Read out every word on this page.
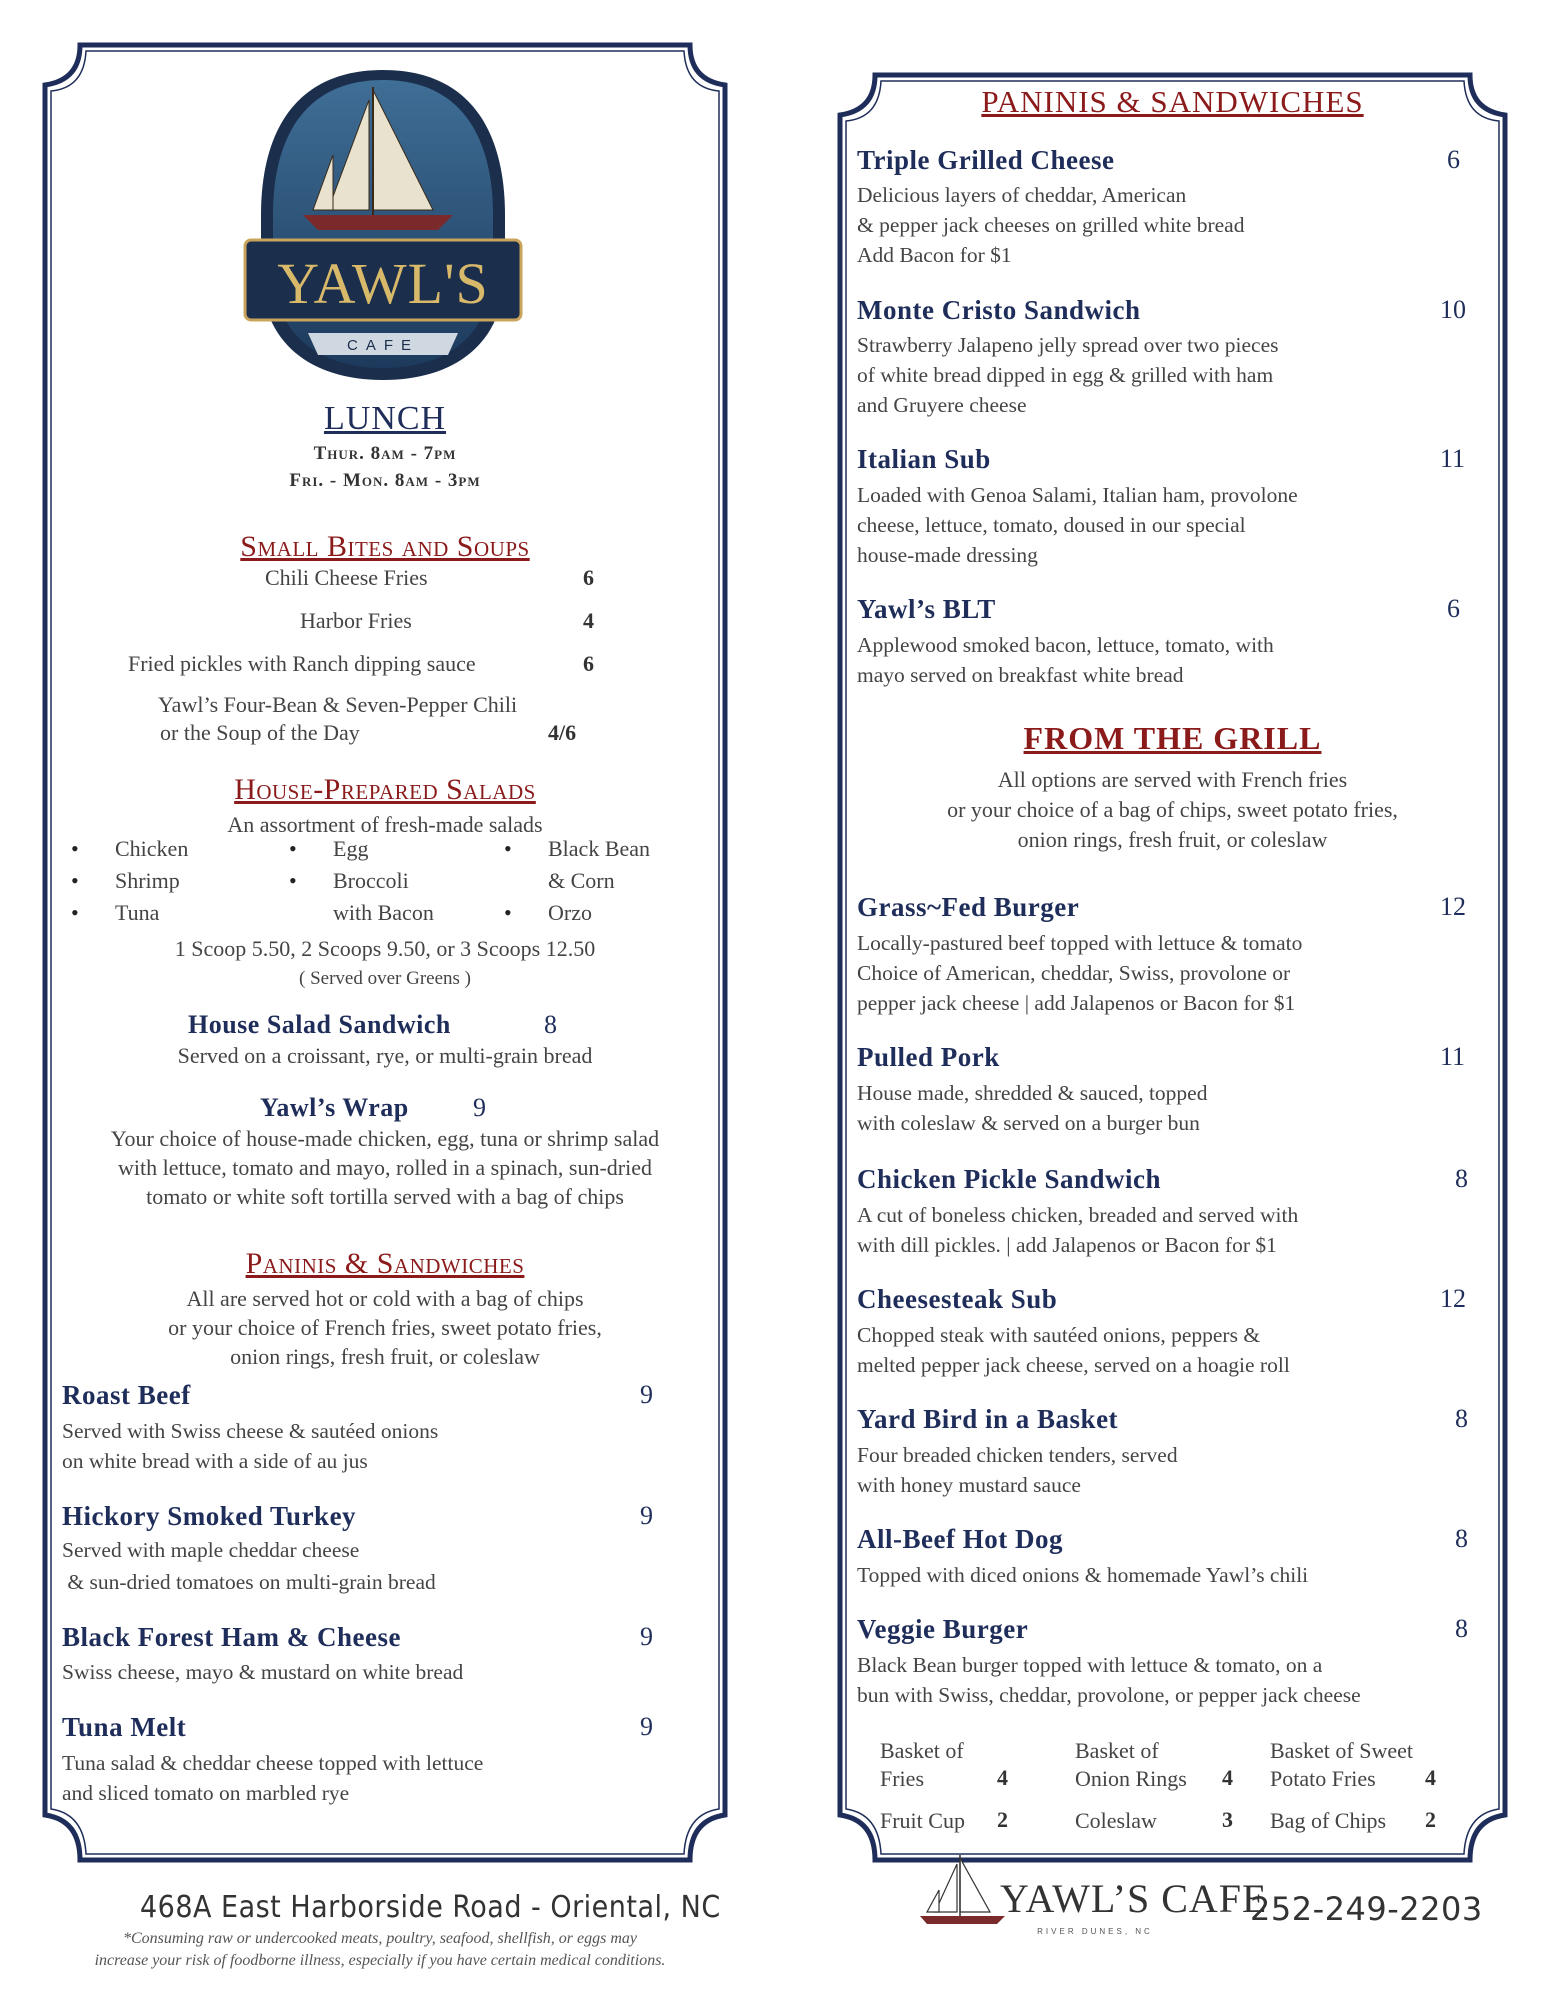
YAWL'S
CAFE
LUNCH
Thur. 8am - 7pm
Fri. - Mon. 8am - 3pm
Small Bites and Soups
Chili Cheese Fries	6
Harbor Fries	4
Fried pickles with Ranch dipping sauce	6
Yawl’s Four-Bean & Seven-Pepper Chili
or the Soup of the Day	4/6
House-Prepared Salads
An assortment of fresh-made salads
• Chicken
• Shrimp
• Tuna
• Egg
• Broccoli
with Bacon
• Black Bean
& Corn
• Orzo
1 Scoop 5.50, 2 Scoops 9.50, or 3 Scoops 12.50
( Served over Greens )
House Salad Sandwich	8
Served on a croissant, rye, or multi-grain bread
Yawl’s Wrap 9
Your choice of house-made chicken, egg, tuna or shrimp salad
with lettuce, tomato and mayo, rolled in a spinach, sun-dried
tomato or white soft tortilla served with a bag of chips
Paninis & Sandwiches
All are served hot or cold with a bag of chips
or your choice of French fries, sweet potato fries,
onion rings, fresh fruit, or coleslaw
Roast Beef	9
Served with Swiss cheese & sautéed onions
on white bread with a side of au jus
Hickory Smoked Turkey	9
Served with maple cheddar cheese
& sun-dried tomatoes on multi-grain bread
Black Forest Ham & Cheese	9
Swiss cheese, mayo & mustard on white bread
Tuna Melt	9
Tuna salad & cheddar cheese topped with lettuce
and sliced tomato on marbled rye
PANINIS & SANDWICHES
Triple Grilled Cheese	6
Delicious layers of cheddar, American
& pepper jack cheeses on grilled white bread
Add Bacon for $1
Monte Cristo Sandwich	10
Strawberry Jalapeno jelly spread over two pieces
of white bread dipped in egg & grilled with ham
and Gruyere cheese
Italian Sub	11
Loaded with Genoa Salami, Italian ham, provolone
cheese, lettuce, tomato, doused in our special
house-made dressing
Yawl’s BLT	6
Applewood smoked bacon, lettuce, tomato, with
mayo served on breakfast white bread
FROM THE GRILL
All options are served with French fries
or your choice of a bag of chips, sweet potato fries,
onion rings, fresh fruit, or coleslaw
Grass~Fed Burger	12
Locally-pastured beef topped with lettuce & tomato
Choice of American, cheddar, Swiss, provolone or
pepper jack cheese | add Jalapenos or Bacon for $1
Pulled Pork	11
House made, shredded & sauced, topped
with coleslaw & served on a burger bun
Chicken Pickle Sandwich	8
A cut of boneless chicken, breaded and served with
with dill pickles. | add Jalapenos or Bacon for $1
Cheesesteak Sub	12
Chopped steak with sautéed onions, peppers &
melted pepper jack cheese, served on a hoagie roll
Yard Bird in a Basket	8
Four breaded chicken tenders, served
with honey mustard sauce
All-Beef Hot Dog	8
Topped with diced onions & homemade Yawl’s chili
Veggie Burger	8
Black Bean burger topped with lettuce & tomato, on a
bun with Swiss, cheddar, provolone, or pepper jack cheese
Basket of
Fries	4
Basket of
Onion Rings 4
Basket of Sweet
Potato Fries	4
Fruit Cup 2	Coleslaw	3 Bag of Chips 2
468A East Harborside Road - Oriental, NC
*Consuming raw or undercooked meats, poultry, seafood, shellfish, or eggs may
increase your risk of foodborne illness, especially if you have certain medical conditions.
YAWL’S CAFE
RIVER DUNES, NC
252-249-2203
